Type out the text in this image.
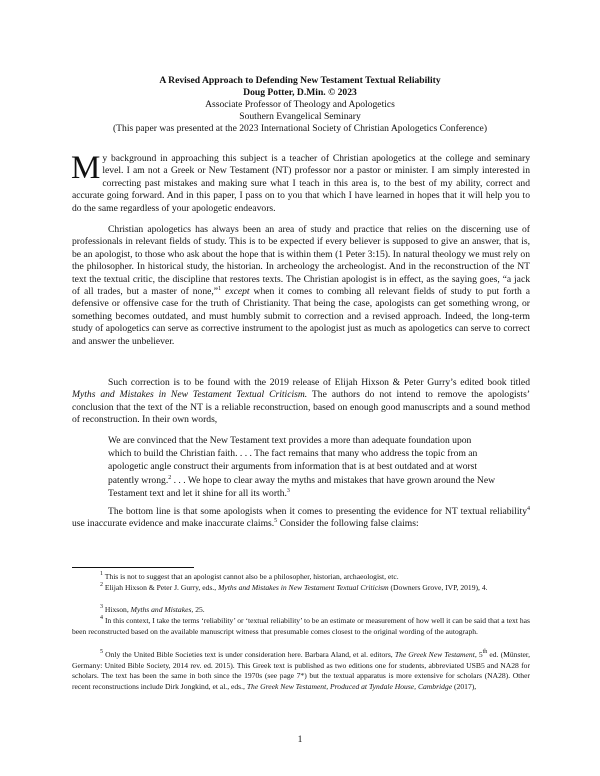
A Revised Approach to Defending New Testament Textual Reliability
Doug Potter, D.Min. © 2023
Associate Professor of Theology and Apologetics
Southern Evangelical Seminary
(This paper was presented at the 2023 International Society of Christian Apologetics Conference)
My background in approaching this subject is a teacher of Christian apologetics at the college and seminary level. I am not a Greek or New Testament (NT) professor nor a pastor or minister. I am simply interested in correcting past mistakes and making sure what I teach in this area is, to the best of my ability, correct and accurate going forward. And in this paper, I pass on to you that which I have learned in hopes that it will help you to do the same regardless of your apologetic endeavors.
Christian apologetics has always been an area of study and practice that relies on the discerning use of professionals in relevant fields of study. This is to be expected if every believer is supposed to give an answer, that is, be an apologist, to those who ask about the hope that is within them (1 Peter 3:15). In natural theology we must rely on the philosopher. In historical study, the historian. In archeology the archeologist. And in the reconstruction of the NT text the textual critic, the discipline that restores texts. The Christian apologist is in effect, as the saying goes, “a jack of all trades, but a master of none,”$^1$ except when it comes to combing all relevant fields of study to put forth a defensive or offensive case for the truth of Christianity. That being the case, apologists can get something wrong, or something becomes outdated, and must humbly submit to correction and a revised approach. Indeed, the long-term study of apologetics can serve as corrective instrument to the apologist just as much as apologetics can serve to correct and answer the unbeliever.
Such correction is to be found with the 2019 release of Elijah Hixson & Peter Gurry’s edited book titled Myths and Mistakes in New Testament Textual Criticism. The authors do not intend to remove the apologists’ conclusion that the text of the NT is a reliable reconstruction, based on enough good manuscripts and a sound method of reconstruction. In their own words,
We are convinced that the New Testament text provides a more than adequate foundation upon which to build the Christian faith. . . . The fact remains that many who address the topic from an apologetic angle construct their arguments from information that is at best outdated and at worst patently wrong.$^2$ . . . We hope to clear away the myths and mistakes that have grown around the New Testament text and let it shine for all its worth.$^3$
The bottom line is that some apologists when it comes to presenting the evidence for NT textual reliability$^4$ use inaccurate evidence and make inaccurate claims.$^5$ Consider the following false claims:
$^1$ This is not to suggest that an apologist cannot also be a philosopher, historian, archaeologist, etc.
$^2$ Elijah Hixson & Peter J. Gurry, eds., Myths and Mistakes in New Testament Textual Criticism (Downers Grove, IVP, 2019), 4.
$^3$ Hixson, Myths and Mistakes, 25.
$^4$ In this context, I take the terms ‘reliability’ or ‘textual reliability’ to be an estimate or measurement of how well it can be said that a text has been reconstructed based on the available manuscript witness that presumable comes closest to the original wording of the autograph.
$^5$ Only the United Bible Societies text is under consideration here. Barbara Aland, et al. editors, The Greek New Testament, 5th ed. (Münster, Germany: United Bible Society, 2014 rev. ed. 2015). This Greek text is published as two editions one for students, abbreviated USB5 and NA28 for scholars. The text has been the same in both since the 1970s (see page 7*) but the textual apparatus is more extensive for scholars (NA28). Other recent reconstructions include Dirk Jongkind, et al., eds., The Greek New Testament, Produced at Tyndale House, Cambridge (2017),
1
